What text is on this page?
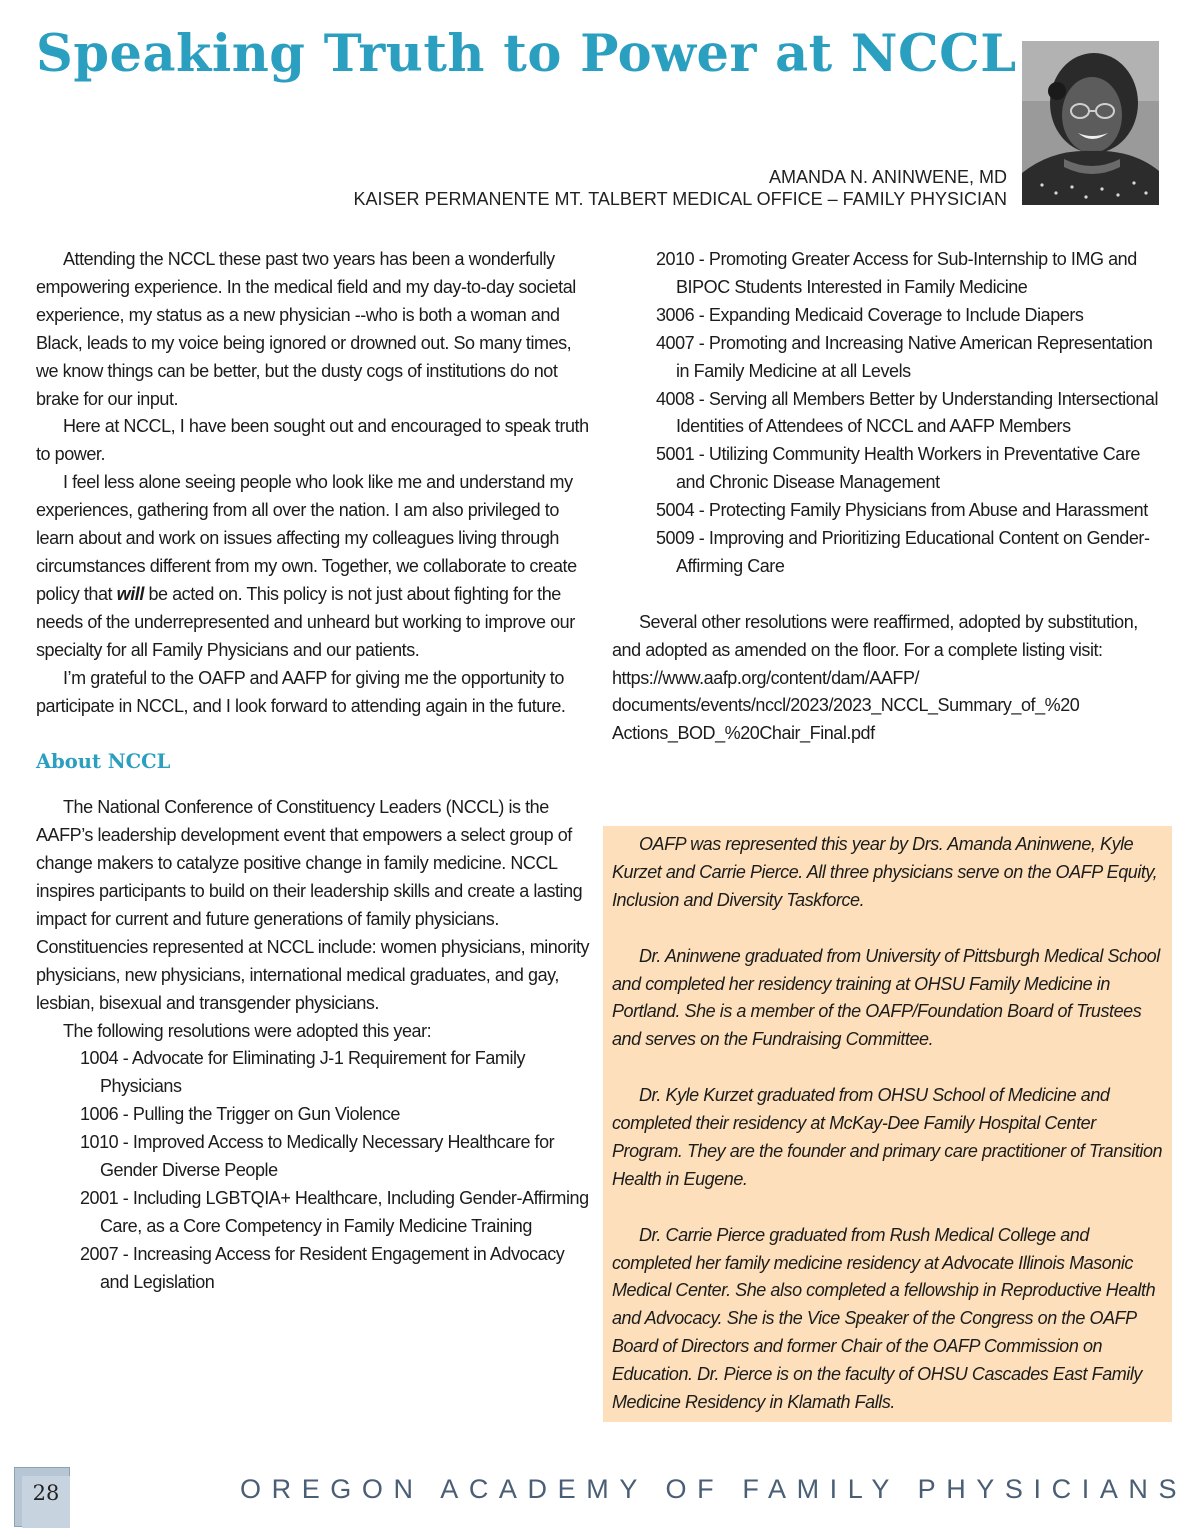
Speaking Truth to Power at NCCL
AMANDA N. ANINWENE, MD
KAISER PERMANENTE MT. TALBERT MEDICAL OFFICE – FAMILY PHYSICIAN

Attending the NCCL these past two years has been a wonderfully empowering experience. In the medical field and my day-to-day societal experience, my status as a new physician --who is both a woman and Black, leads to my voice being ignored or drowned out. So many times, we know things can be better, but the dusty cogs of institutions do not brake for our input.

Here at NCCL, I have been sought out and encouraged to speak truth to power.

I feel less alone seeing people who look like me and understand my experiences, gathering from all over the nation. I am also privileged to learn about and work on issues affecting my colleagues living through circumstances different from my own. Together, we collaborate to create policy that will be acted on. This policy is not just about fighting for the needs of the underrepresented and unheard but working to improve our specialty for all Family Physicians and our patients.

I’m grateful to the OAFP and AAFP for giving me the opportunity to participate in NCCL, and I look forward to attending again in the future.

About NCCL

The National Conference of Constituency Leaders (NCCL) is the AAFP’s leadership development event that empowers a select group of change makers to catalyze positive change in family medicine. NCCL inspires participants to build on their leadership skills and create a lasting impact for current and future generations of family physicians. Constituencies represented at NCCL include: women physicians, minority physicians, new physicians, international medical graduates, and gay, lesbian, bisexual and transgender physicians.

The following resolutions were adopted this year:

1004 - Advocate for Eliminating J-1 Requirement for Family Physicians

1006 - Pulling the Trigger on Gun Violence

1010 - Improved Access to Medically Necessary Healthcare for Gender Diverse People

2001 - Including LGBTQIA+ Healthcare, Including Gender-Affirming Care, as a Core Competency in Family Medicine Training

2007 - Increasing Access for Resident Engagement in Advocacy and Legislation

2010 - Promoting Greater Access for Sub-Internship to IMG and BIPOC Students Interested in Family Medicine

3006 - Expanding Medicaid Coverage to Include Diapers

4007 - Promoting and Increasing Native American Representation in Family Medicine at all Levels

4008 - Serving all Members Better by Understanding Intersectional Identities of Attendees of NCCL and AAFP Members

5001 - Utilizing Community Health Workers in Preventative Care and Chronic Disease Management

5004 - Protecting Family Physicians from Abuse and Harassment

5009 - Improving and Prioritizing Educational Content on Gender-Affirming Care

Several other resolutions were reaffirmed, adopted by substitution, and adopted as amended on the floor. For a complete listing visit: https://www.aafp.org/content/dam/AAFP/
documents/events/nccl/2023/2023_NCCL_Summary_of_%20
Actions_BOD_%20Chair_Final.pdf

OAFP was represented this year by Drs. Amanda Aninwene, Kyle Kurzet and Carrie Pierce. All three physicians serve on the OAFP Equity, Inclusion and Diversity Taskforce.

Dr. Aninwene graduated from University of Pittsburgh Medical School and completed her residency training at OHSU Family Medicine in Portland. She is a member of the OAFP/Foundation Board of Trustees and serves on the Fundraising Committee.

Dr. Kyle Kurzet graduated from OHSU School of Medicine and completed their residency at McKay-Dee Family Hospital Center Program. They are the founder and primary care practitioner of Transition Health in Eugene.

Dr. Carrie Pierce graduated from Rush Medical College and completed her family medicine residency at Advocate Illinois Masonic Medical Center. She also completed a fellowship in Reproductive Health and Advocacy. She is the Vice Speaker of the Congress on the OAFP Board of Directors and former Chair of the OAFP Commission on Education. Dr. Pierce is on the faculty of OHSU Cascades East Family Medicine Residency in Klamath Falls.

28	OREGON ACADEMY OF FAMILY PHYSICIANS
